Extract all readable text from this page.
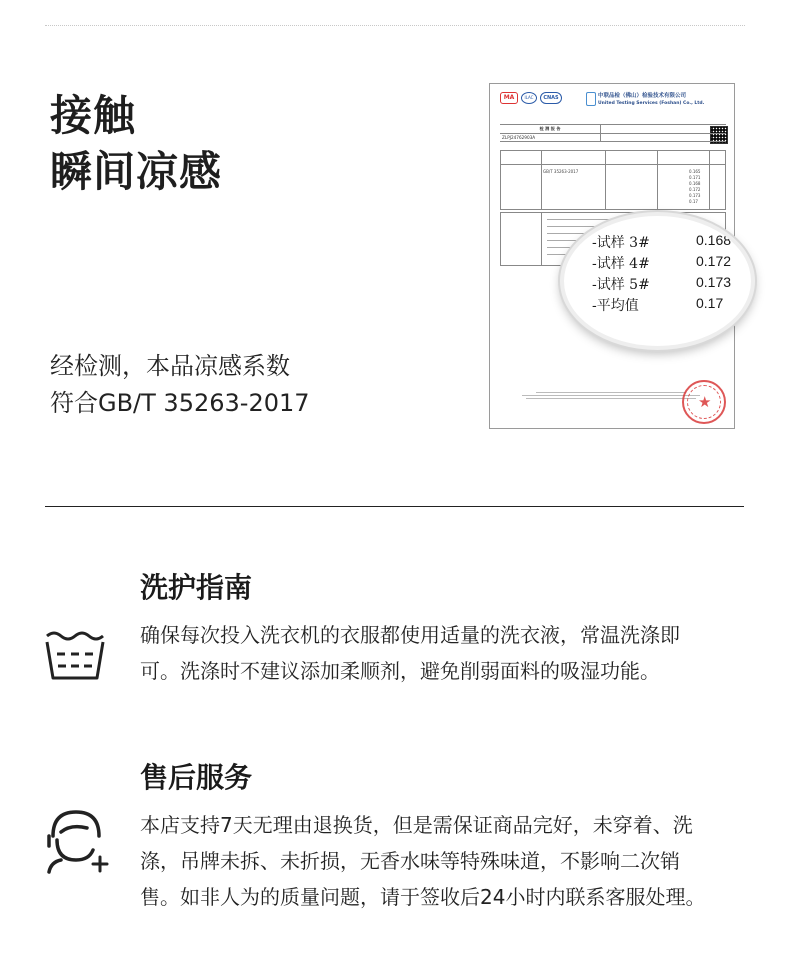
接触
瞬间凉感
经检测，本品凉感系数
符合GB/T 35263-2017
MA	ILAC	CNAS	中联品检（佛山）检验技术有限公司
United Testing Services (Foshan) Co., Ltd.
检 测 报 告
ZLPJ24762903A
GB/T 35263-2017	0.165
0.171
0.168
0.172
0.173
0.17
★
-试样 3#	0.168
-试样 4#	0.172
-试样 5#	0.173
-平均值	0.17
洗护指南
确保每次投入洗衣机的衣服都使用适量的洗衣液，常温洗涤即
可。洗涤时不建议添加柔顺剂，避免削弱面料的吸湿功能。
售后服务
本店支持7天无理由退换货，但是需保证商品完好，未穿着、洗
涤，吊牌未拆、未折损，无香水味等特殊味道，不影响二次销
售。如非人为的质量问题，请于签收后24小时内联系客服处理。
